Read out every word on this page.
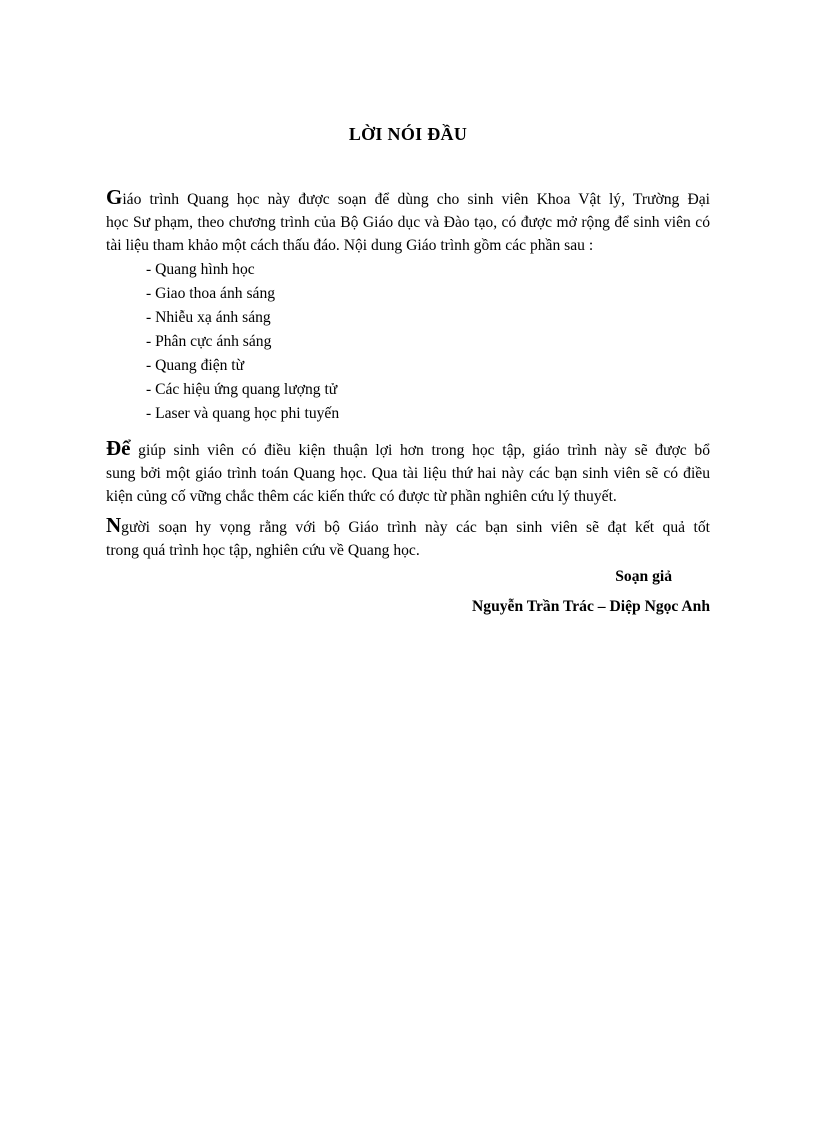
LỜI NÓI ĐẦU
Giáo trình Quang học này được soạn để dùng cho sinh viên Khoa Vật lý, Trường Đại
học Sư phạm, theo chương trình của Bộ Giáo dục và Đào tạo, có được mở rộng để sinh viên có tài liệu tham khảo một cách thấu đáo. Nội dung Giáo trình gồm các phần sau :
- Quang hình học
- Giao thoa ánh sáng
- Nhiễu xạ ánh sáng
- Phân cực ánh sáng
- Quang điện từ
- Các hiệu ứng quang lượng tử
- Laser và quang học phi tuyến
Để giúp sinh viên có điều kiện thuận lợi hơn trong học tập, giáo trình này sẽ được bổ
sung bởi một giáo trình toán Quang học. Qua tài liệu thứ hai này các bạn sinh viên sẽ có điều kiện củng cố vững chắc thêm các kiến thức có được từ phần nghiên cứu lý thuyết.
Người soạn hy vọng rằng với bộ Giáo trình này các bạn sinh viên sẽ đạt kết quả tốt
trong quá trình học tập, nghiên cứu về Quang học.
Soạn giả
Nguyễn Trần Trác – Diệp Ngọc Anh
